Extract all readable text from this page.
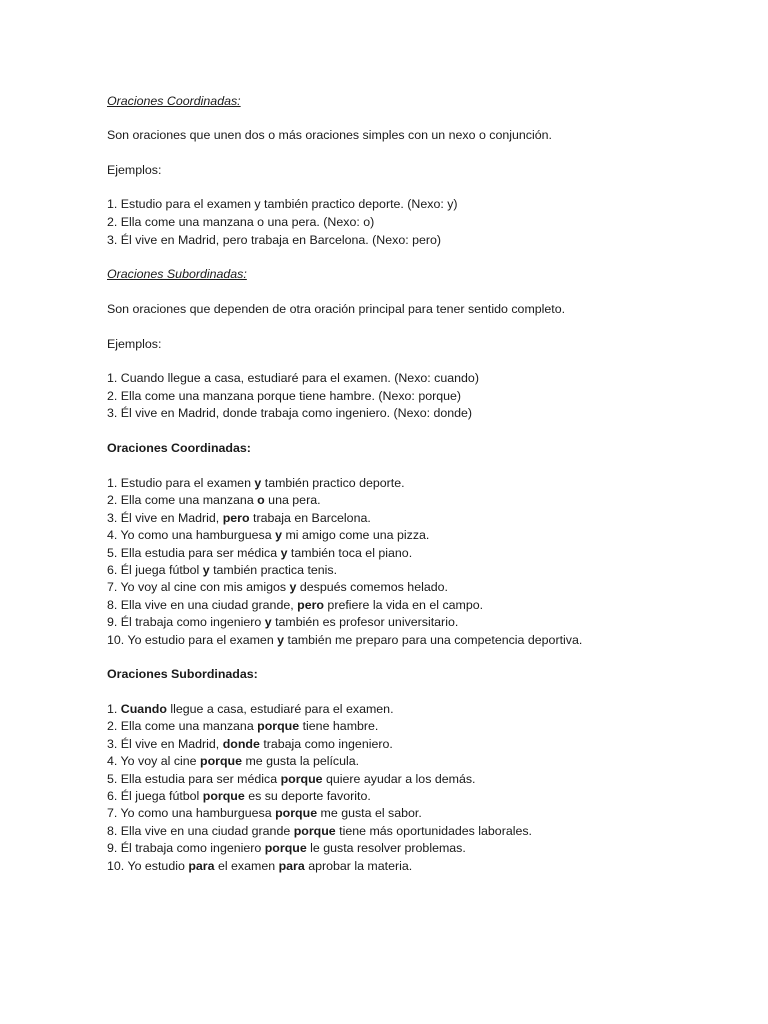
Oraciones Coordinadas:

Son oraciones que unen dos o más oraciones simples con un nexo o conjunción.

Ejemplos:

1. Estudio para el examen y también practico deporte. (Nexo: y)

2. Ella come una manzana o una pera. (Nexo: o)

3. Él vive en Madrid, pero trabaja en Barcelona. (Nexo: pero)

Oraciones Subordinadas:

Son oraciones que dependen de otra oración principal para tener sentido completo.

Ejemplos:

1. Cuando llegue a casa, estudiaré para el examen. (Nexo: cuando)

2. Ella come una manzana porque tiene hambre. (Nexo: porque)

3. Él vive en Madrid, donde trabaja como ingeniero. (Nexo: donde)

Oraciones Coordinadas:

1. Estudio para el examen y también practico deporte.

2. Ella come una manzana o una pera.

3. Él vive en Madrid, pero trabaja en Barcelona.

4. Yo como una hamburguesa y mi amigo come una pizza.

5. Ella estudia para ser médica y también toca el piano.

6. Él juega fútbol y también practica tenis.

7. Yo voy al cine con mis amigos y después comemos helado.

8. Ella vive en una ciudad grande, pero prefiere la vida en el campo.

9. Él trabaja como ingeniero y también es profesor universitario.

10. Yo estudio para el examen y también me preparo para una competencia deportiva.

Oraciones Subordinadas:

1. Cuando llegue a casa, estudiaré para el examen.

2. Ella come una manzana porque tiene hambre.

3. Él vive en Madrid, donde trabaja como ingeniero.

4. Yo voy al cine porque me gusta la película.

5. Ella estudia para ser médica porque quiere ayudar a los demás.

6. Él juega fútbol porque es su deporte favorito.

7. Yo como una hamburguesa porque me gusta el sabor.

8. Ella vive en una ciudad grande porque tiene más oportunidades laborales.

9. Él trabaja como ingeniero porque le gusta resolver problemas.

10. Yo estudio para el examen para aprobar la materia.
